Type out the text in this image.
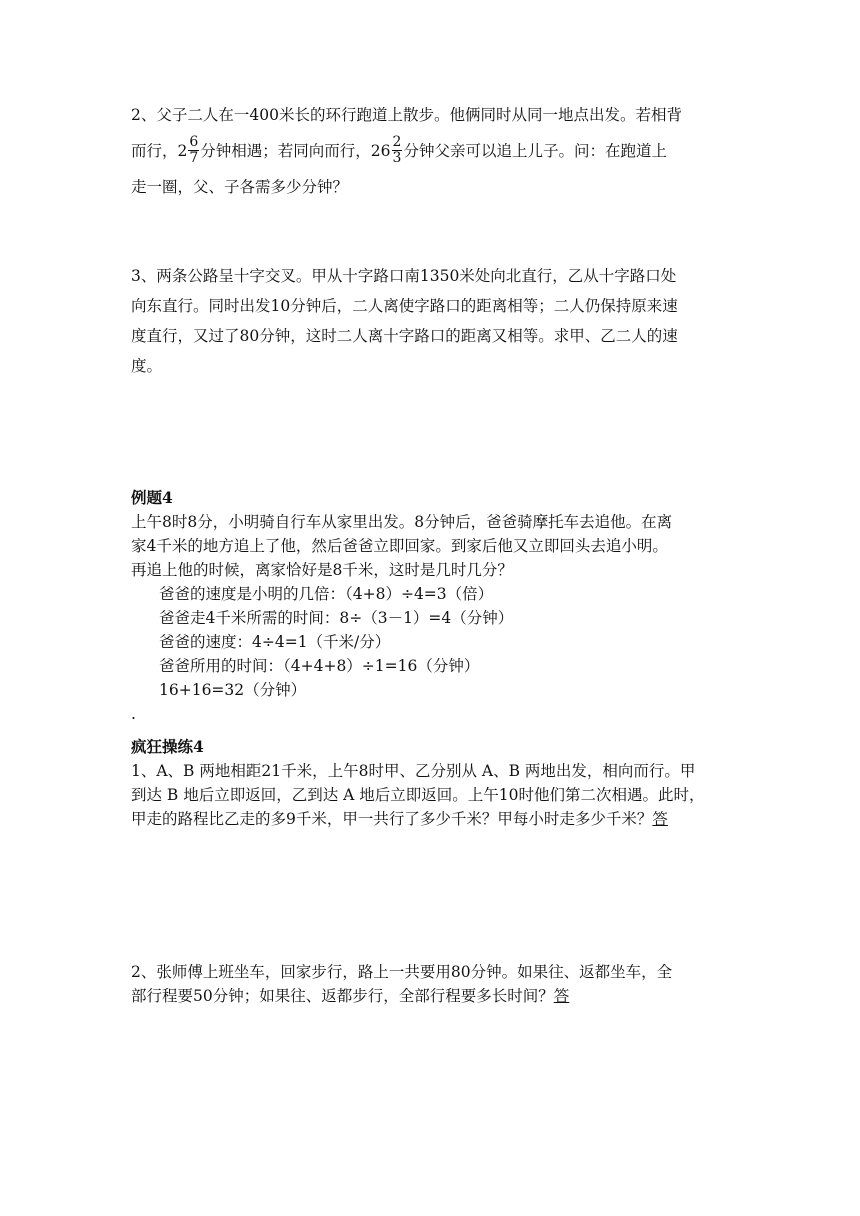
2、父子二人在一400米长的环行跑道上散步。他俩同时从同一地点出发。若相背

而行，$2 \frac{6}{7}$ 分钟相遇；若同向而行，$26 \frac{2}{3}$ 分钟父亲可以追上儿子。问：在跑道上

走一圈，父、子各需多少分钟？

3、两条公路呈十字交叉。甲从十字路口南1350米处向北直行，乙从十字路口处

向东直行。同时出发10分钟后，二人离使字路口的距离相等；二人仍保持原来速

度直行，又过了80分钟，这时二人离十字路口的距离又相等。求甲、乙二人的速

度。

例题4

上午8时8分，小明骑自行车从家里出发。8分钟后，爸爸骑摩托车去追他。在离

家4千米的地方追上了他，然后爸爸立即回家。到家后他又立即回头去追小明。

再追上他的时候，离家恰好是8千米，这时是几时几分？

爸爸的速度是小明的几倍：（4+8）÷4=3（倍）

爸爸走4千米所需的时间：8÷（3－1）=4（分钟）

爸爸的速度：4÷4=1（千米/分）

爸爸所用的时间：（4+4+8）÷1=16（分钟）

16+16=32（分钟）

.

疯狂操练4

1、A、B 两地相距21千米，上午8时甲、乙分别从 A、B 两地出发，相向而行。甲

到达 B 地后立即返回，乙到达 A 地后立即返回。上午10时他们第二次相遇。此时，

甲走的路程比乙走的多9千米，甲一共行了多少千米？甲每小时走多少千米？答

2、张师傅上班坐车，回家步行，路上一共要用80分钟。如果往、返都坐车，全

部行程要50分钟；如果往、返都步行，全部行程要多长时间？答
